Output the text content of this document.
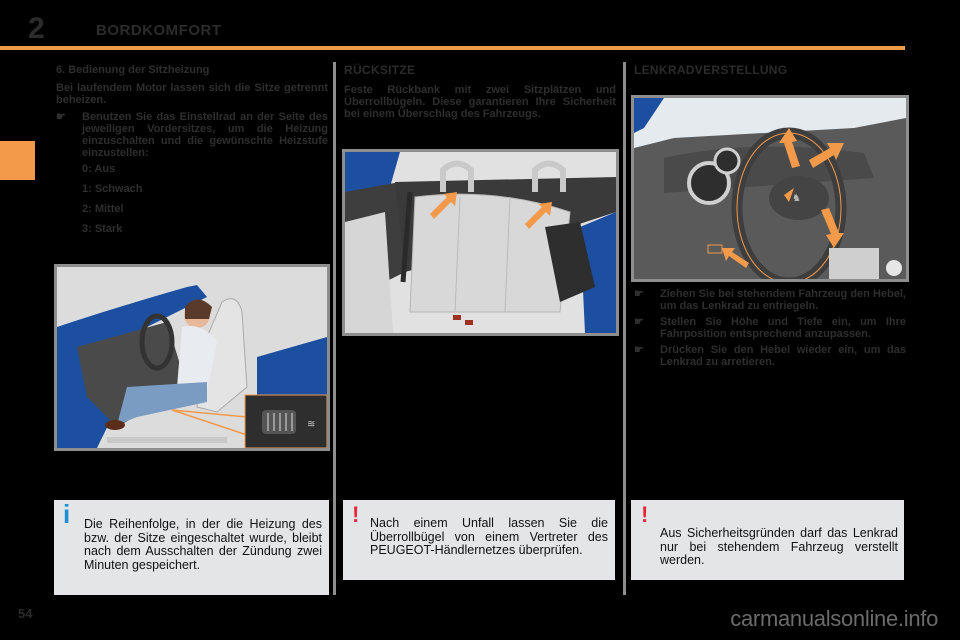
2	BORDKOMFORT
6. Bedienung der Sitzheizung

Bei laufendem Motor lassen sich die Sitze getrennt beheizen.

☛ Benutzen Sie das Einstellrad an der Seite des jeweiligen Vordersitzes, um die Heizung einzuschalten und die gewünschte Heizstufe einzustellen:
0: Aus
1: Schwach
2: Mittel
3: Stark
≋
i Die Reihenfolge, in der die Heizung des bzw. der Sitze eingeschaltet wurde, bleibt nach dem Ausschalten der Zündung zwei Minuten gespeichert.
RÜCKSITZE

Feste Rückbank mit zwei Sitzplätzen und Überrollbügeln. Diese garantieren Ihre Sicherheit bei einem Überschlag des Fahrzeugs.

! Nach einem Unfall lassen Sie die Überrollbügel von einem Vertreter des PEUGEOT-Händlernetzes überprüfen.
LENKRADVERSTELLUNG
♞
☛ Ziehen Sie bei stehendem Fahrzeug den Hebel, um das Lenkrad zu entriegeln.
☛ Stellen Sie Höhe und Tiefe ein, um Ihre Fahrposition entsprechend anzupassen.
☛ Drücken Sie den Hebel wieder ein, um das Lenkrad zu arretieren.
!
Aus Sicherheitsgründen darf das Lenkrad nur bei stehendem Fahrzeug verstellt werden.
54	carmanualsonline.info
